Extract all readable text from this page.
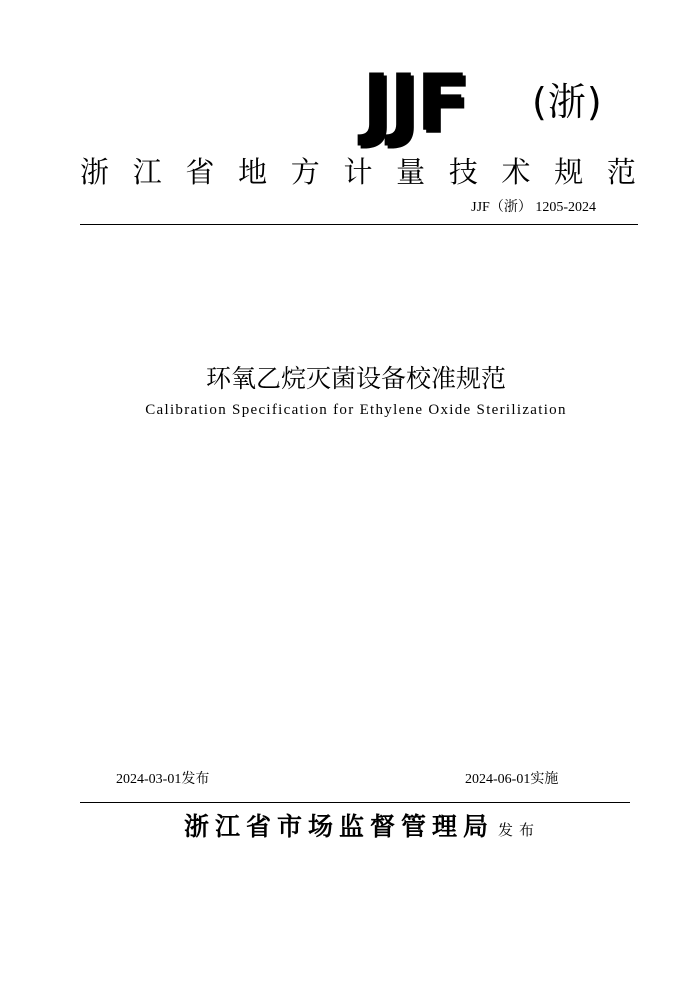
JJF (浙)
浙 江 省 地 方 计 量 技 术 规 范
JJF（浙） 1205-2024
环氧乙烷灭菌设备校准规范
Calibration Specification for Ethylene Oxide Sterilization
2024-03-01发布	2024-06-01实施
浙江省市场监督管理局 发布
